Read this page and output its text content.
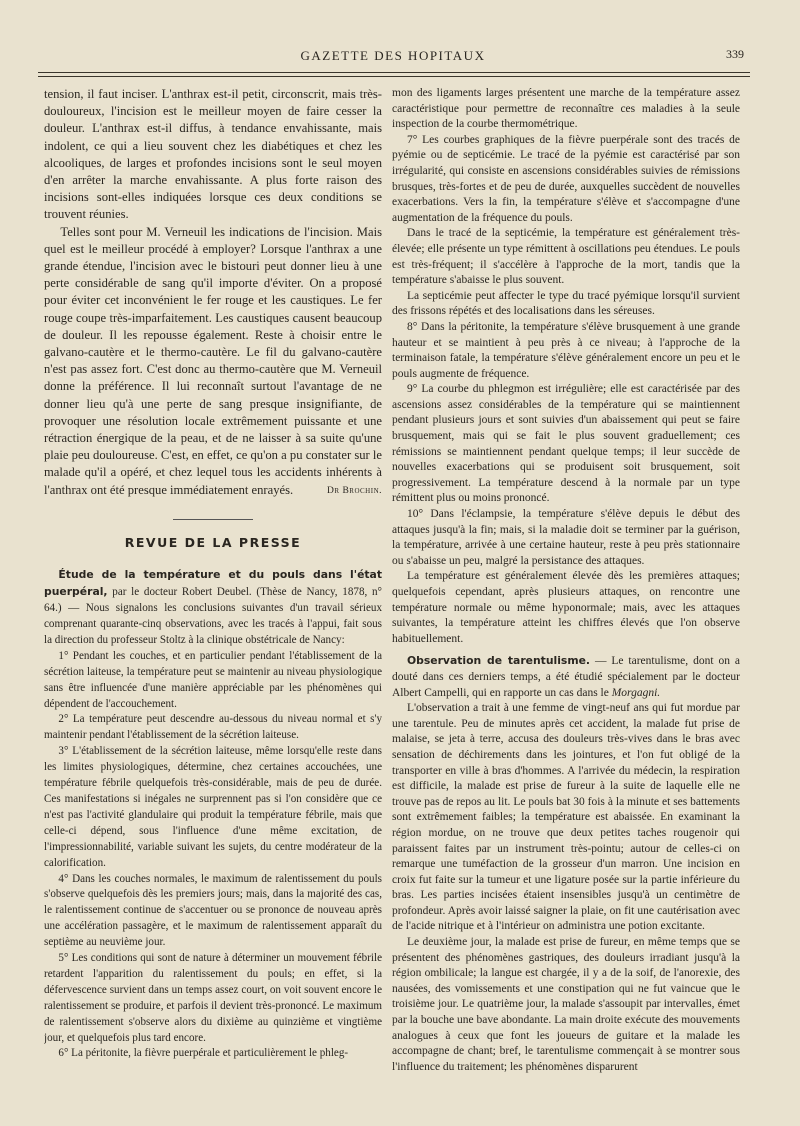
GAZETTE DES HOPITAUX	339

tension, il faut inciser. L'anthrax est-il petit, circonscrit, mais très-douloureux, l'incision est le meilleur moyen de faire cesser la douleur. L'anthrax est-il diffus, à tendance envahissante, mais indolent, ce qui a lieu souvent chez les diabétiques et chez les alcooliques, de larges et profondes incisions sont le seul moyen d'en arrêter la marche envahissante. A plus forte raison des incisions sont-elles indiquées lorsque ces deux conditions se trouvent réunies.

Telles sont pour M. Verneuil les indications de l'incision. Mais quel est le meilleur procédé à employer? Lorsque l'anthrax a une grande étendue, l'incision avec le bistouri peut donner lieu à une perte considérable de sang qu'il importe d'éviter. On a proposé pour éviter cet inconvénient le fer rouge et les caustiques. Le fer rouge coupe très-imparfaitement. Les caustiques causent beaucoup de douleur. Il les repousse également. Reste à choisir entre le galvano-cautère et le thermo-cautère. Le fil du galvano-cautère n'est pas assez fort. C'est donc au thermo-cautère que M. Verneuil donne la préférence. Il lui reconnaît surtout l'avantage de ne donner lieu qu'à une perte de sang presque insignifiante, de provoquer une résolution locale extrêmement puissante et une rétraction énergique de la peau, et de ne laisser à sa suite qu'une plaie peu douloureuse. C'est, en effet, ce qu'on a pu constater sur le malade qu'il a opéré, et chez lequel tous les accidents inhérents à l'anthrax ont été presque immédiatement enrayés.	Dr Brochin.
REVUE DE LA PRESSE

Étude de la température et du pouls dans l'état puerpéral, par le docteur Robert Deubel. (Thèse de Nancy, 1878, n° 64.) — Nous signalons les conclusions suivantes d'un travail sérieux comprenant quarante-cinq observations, avec les tracés à l'appui, fait sous la direction du professeur Stoltz à la clinique obstétricale de Nancy:

1° Pendant les couches, et en particulier pendant l'établissement de la sécrétion laiteuse, la température peut se maintenir au niveau physiologique sans être influencée d'une manière appréciable par les phénomènes qui dépendent de l'accouchement.

2° La température peut descendre au-dessous du niveau normal et s'y maintenir pendant l'établissement de la sécrétion laiteuse.

3° L'établissement de la sécrétion laiteuse, même lorsqu'elle reste dans les limites physiologiques, détermine, chez certaines accouchées, une température fébrile quelquefois très-considérable, mais de peu de durée. Ces manifestations si inégales ne surprennent pas si l'on considère que ce n'est pas l'activité glandulaire qui produit la température fébrile, mais que celle-ci dépend, sous l'influence d'une même excitation, de l'impressionnabilité, variable suivant les sujets, du centre modérateur de la calorification.

4° Dans les couches normales, le maximum de ralentissement du pouls s'observe quelquefois dès les premiers jours; mais, dans la majorité des cas, le ralentissement continue de s'accentuer ou se prononce de nouveau après une accélération passagère, et le maximum de ralentissement apparaît du septième au neuvième jour.

5° Les conditions qui sont de nature à déterminer un mouvement fébrile retardent l'apparition du ralentissement du pouls; en effet, si la défervescence survient dans un temps assez court, on voit souvent encore le ralentissement se produire, et parfois il devient très-prononcé. Le maximum de ralentissement s'observe alors du dixième au quinzième et vingtième jour, et quelquefois plus tard encore.

6° La péritonite, la fièvre puerpérale et particulièrement le phleg-

mon des ligaments larges présentent une marche de la température assez caractéristique pour permettre de reconnaître ces maladies à la seule inspection de la courbe thermométrique.

7° Les courbes graphiques de la fièvre puerpérale sont des tracés de pyémie ou de septicémie. Le tracé de la pyémie est caractérisé par son irrégularité, qui consiste en ascensions considérables suivies de rémissions brusques, très-fortes et de peu de durée, auxquelles succèdent de nouvelles exacerbations. Vers la fin, la température s'élève et s'accompagne d'une augmentation de la fréquence du pouls.

Dans le tracé de la septicémie, la température est généralement très-élevée; elle présente un type rémittent à oscillations peu étendues. Le pouls est très-fréquent; il s'accélère à l'approche de la mort, tandis que la température s'abaisse le plus souvent.

La septicémie peut affecter le type du tracé pyémique lorsqu'il survient des frissons répétés et des localisations dans les séreuses.

8° Dans la péritonite, la température s'élève brusquement à une grande hauteur et se maintient à peu près à ce niveau; à l'approche de la terminaison fatale, la température s'élève généralement encore un peu et le pouls augmente de fréquence.

9° La courbe du phlegmon est irrégulière; elle est caractérisée par des ascensions assez considérables de la température qui se maintiennent pendant plusieurs jours et sont suivies d'un abaissement qui peut se faire brusquement, mais qui se fait le plus souvent graduellement; ces rémissions se maintiennent pendant quelque temps; il leur succède de nouvelles exacerbations qui se produisent soit brusquement, soit progressivement. La température descend à la normale par un type rémittent plus ou moins prononcé.

10° Dans l'éclampsie, la température s'élève depuis le début des attaques jusqu'à la fin; mais, si la maladie doit se terminer par la guérison, la température, arrivée à une certaine hauteur, reste à peu près stationnaire ou s'abaisse un peu, malgré la persistance des attaques.

La température est généralement élevée dès les premières attaques; quelquefois cependant, après plusieurs attaques, on rencontre une température normale ou même hyponormale; mais, avec les attaques suivantes, la température atteint les chiffres élevés que l'on observe habituellement.

Observation de tarentulisme. — Le tarentulisme, dont on a douté dans ces derniers temps, a été étudié spécialement par le docteur Albert Campelli, qui en rapporte un cas dans le Morgagni.

L'observation a trait à une femme de vingt-neuf ans qui fut mordue par une tarentule. Peu de minutes après cet accident, la malade fut prise de malaise, se jeta à terre, accusa des douleurs très-vives dans le bras avec sensation de déchirements dans les jointures, et l'on fut obligé de la transporter en ville à bras d'hommes. A l'arrivée du médecin, la respiration est difficile, la malade est prise de fureur à la suite de laquelle elle ne trouve pas de repos au lit. Le pouls bat 30 fois à la minute et ses battements sont extrêmement faibles; la température est abaissée. En examinant la région mordue, on ne trouve que deux petites taches rougenoir qui paraissent faites par un instrument très-pointu; autour de celles-ci on remarque une tuméfaction de la grosseur d'un marron. Une incision en croix fut faite sur la tumeur et une ligature posée sur la partie inférieure du bras. Les parties incisées étaient insensibles jusqu'à un centimètre de profondeur. Après avoir laissé saigner la plaie, on fit une cautérisation avec de l'acide nitrique et à l'intérieur on administra une potion excitante.

Le deuxième jour, la malade est prise de fureur, en même temps que se présentent des phénomènes gastriques, des douleurs irradiant jusqu'à la région ombilicale; la langue est chargée, il y a de la soif, de l'anorexie, des nausées, des vomissements et une constipation qui ne fut vaincue que le troisième jour. Le quatrième jour, la malade s'assoupit par intervalles, émet par la bouche une bave abondante. La main droite exécute des mouvements analogues à ceux que font les joueurs de guitare et la malade les accompagne de chant; bref, le tarentulisme commençait à se montrer sous l'influence du traitement; les phénomènes disparurent
